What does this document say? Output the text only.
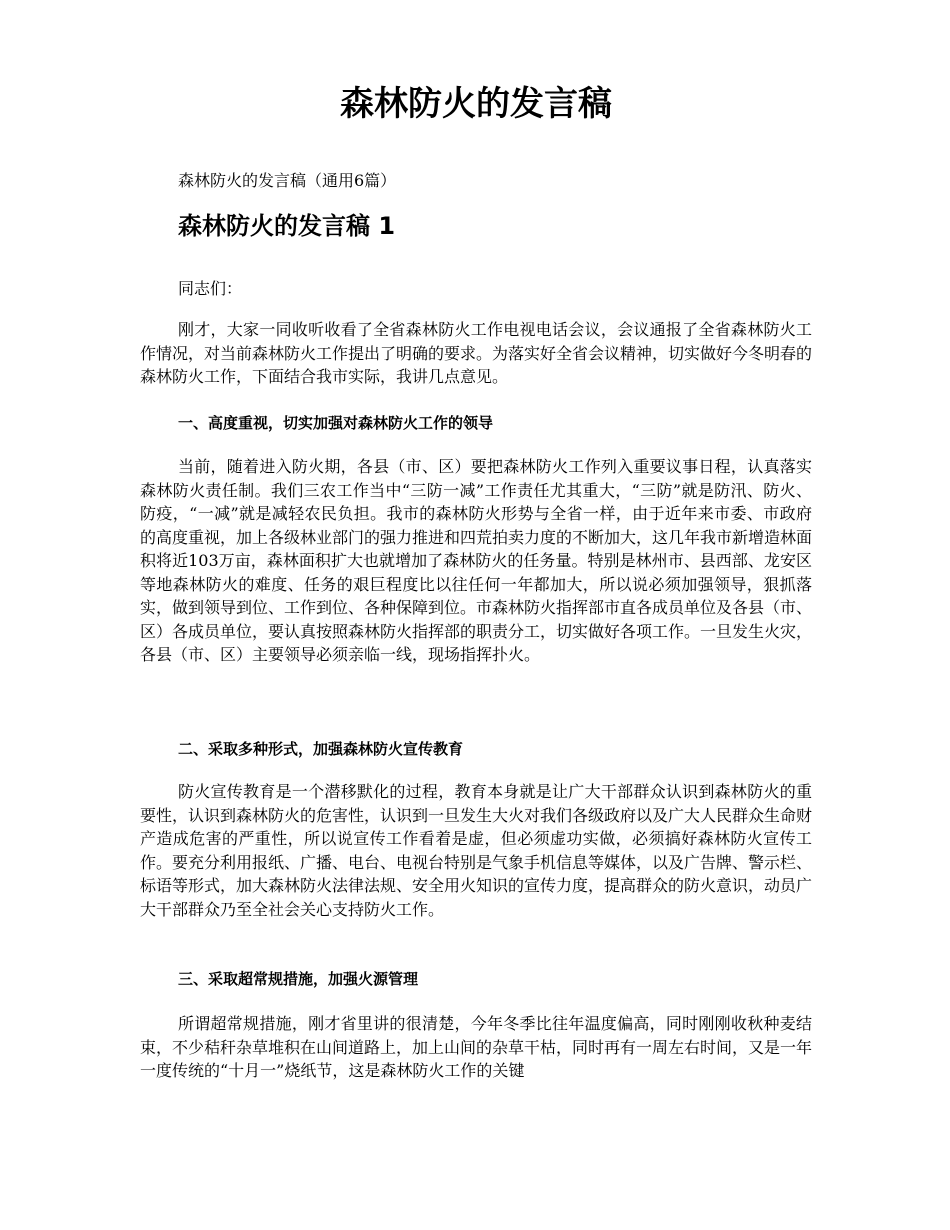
森林防火的发言稿

森林防火的发言稿（通用6篇）

森林防火的发言稿 1

同志们：

刚才，大家一同收听收看了全省森林防火工作电视电话会议，会议通报了全省森林防火工作情况，对当前森林防火工作提出了明确的要求。为落实好全省会议精神，切实做好今冬明春的森林防火工作，下面结合我市实际，我讲几点意见。

一、高度重视，切实加强对森林防火工作的领导

当前，随着进入防火期，各县（市、区）要把森林防火工作列入重要议事日程，认真落实森林防火责任制。我们三农工作当中“三防一减”工作责任尤其重大，“三防”就是防汛、防火、防疫，“一减”就是减轻农民负担。我市的森林防火形势与全省一样，由于近年来市委、市政府的高度重视，加上各级林业部门的强力推进和四荒拍卖力度的不断加大，这几年我市新增造林面积将近103万亩，森林面积扩大也就增加了森林防火的任务量。特别是林州市、县西部、龙安区等地森林防火的难度、任务的艰巨程度比以往任何一年都加大，所以说必须加强领导，狠抓落实，做到领导到位、工作到位、各种保障到位。市森林防火指挥部市直各成员单位及各县（市、区）各成员单位，要认真按照森林防火指挥部的职责分工，切实做好各项工作。一旦发生火灾，各县（市、区）主要领导必须亲临一线，现场指挥扑火。

二、采取多种形式，加强森林防火宣传教育

防火宣传教育是一个潜移默化的过程，教育本身就是让广大干部群众认识到森林防火的重要性，认识到森林防火的危害性，认识到一旦发生大火对我们各级政府以及广大人民群众生命财产造成危害的严重性，所以说宣传工作看着是虚，但必须虚功实做，必须搞好森林防火宣传工作。要充分利用报纸、广播、电台、电视台特别是气象手机信息等媒体，以及广告牌、警示栏、标语等形式，加大森林防火法律法规、安全用火知识的宣传力度，提高群众的防火意识，动员广大干部群众乃至全社会关心支持防火工作。

三、采取超常规措施，加强火源管理

所谓超常规措施，刚才省里讲的很清楚，今年冬季比往年温度偏高，同时刚刚收秋种麦结束，不少秸秆杂草堆积在山间道路上，加上山间的杂草干枯，同时再有一周左右时间，又是一年一度传统的“十月一”烧纸节，这是森林防火工作的关键
